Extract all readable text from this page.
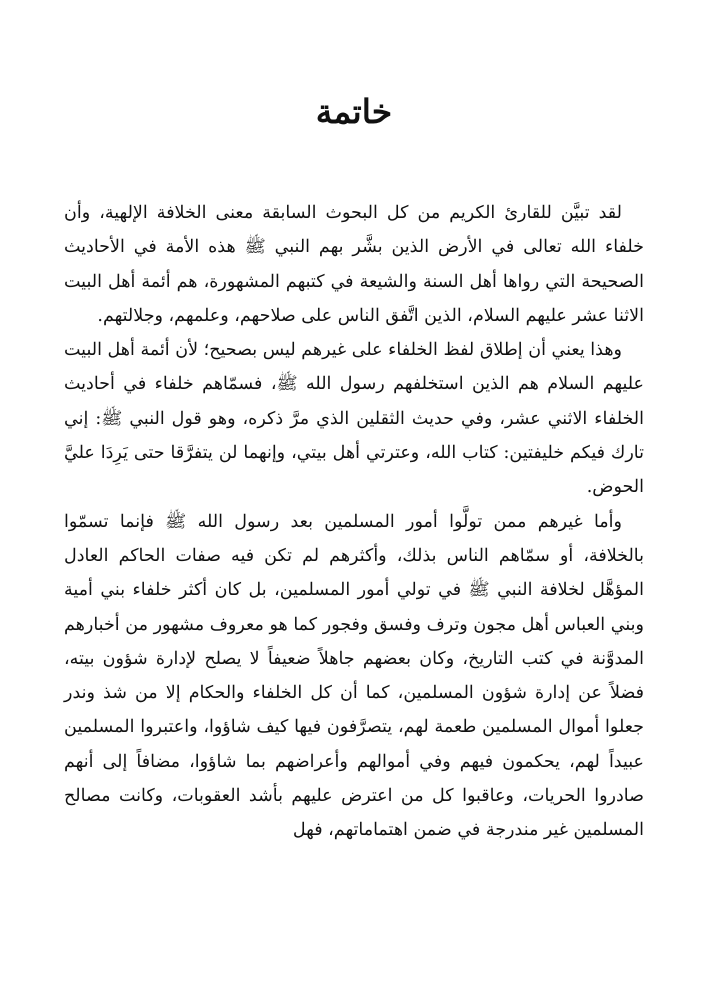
خاتمة

لقد تبيَّن للقارئ الكريم من كل البحوث السابقة معنى الخلافة الإلهية، وأن خلفاء الله تعالى في الأرض الذين بشَّر بهم النبي ﷺ هذه الأمة في الأحاديث الصحيحة التي رواها أهل السنة والشيعة في كتبهم المشهورة، هم أئمة أهل البيت الاثنا عشر عليهم السلام، الذين اتَّفق الناس على صلاحهم، وعلمهم، وجلالتهم.

وهذا يعني أن إطلاق لفظ الخلفاء على غيرهم ليس بصحيح؛ لأن أئمة أهل البيت عليهم السلام هم الذين استخلفهم رسول الله ﷺ، فسمّاهم خلفاء في أحاديث الخلفاء الاثني عشر، وفي حديث الثقلين الذي مرَّ ذكره، وهو قول النبي ﷺ: إني تارك فيكم خليفتين: كتاب الله، وعترتي أهل بيتي، وإنهما لن يتفرَّقا حتى يَرِدَا عليَّ الحوض.

وأما غيرهم ممن تولَّوا أمور المسلمين بعد رسول الله ﷺ فإنما تسمّوا بالخلافة، أو سمّاهم الناس بذلك، وأكثرهم لم تكن فيه صفات الحاكم العادل المؤهَّل لخلافة النبي ﷺ في تولي أمور المسلمين، بل كان أكثر خلفاء بني أمية وبني العباس أهل مجون وترف وفسق وفجور كما هو معروف مشهور من أخبارهم المدوَّنة في كتب التاريخ، وكان بعضهم جاهلاً ضعيفاً لا يصلح لإدارة شؤون بيته، فضلاً عن إدارة شؤون المسلمين، كما أن كل الخلفاء والحكام إلا من شذ وندر جعلوا أموال المسلمين طعمة لهم، يتصرَّفون فيها كيف شاؤوا، واعتبروا المسلمين عبيداً لهم، يحكمون فيهم وفي أموالهم وأعراضهم بما شاؤوا، مضافاً إلى أنهم صادروا الحريات، وعاقبوا كل من اعترض عليهم بأشد العقوبات، وكانت مصالح المسلمين غير مندرجة في ضمن اهتماماتهم، فهل
